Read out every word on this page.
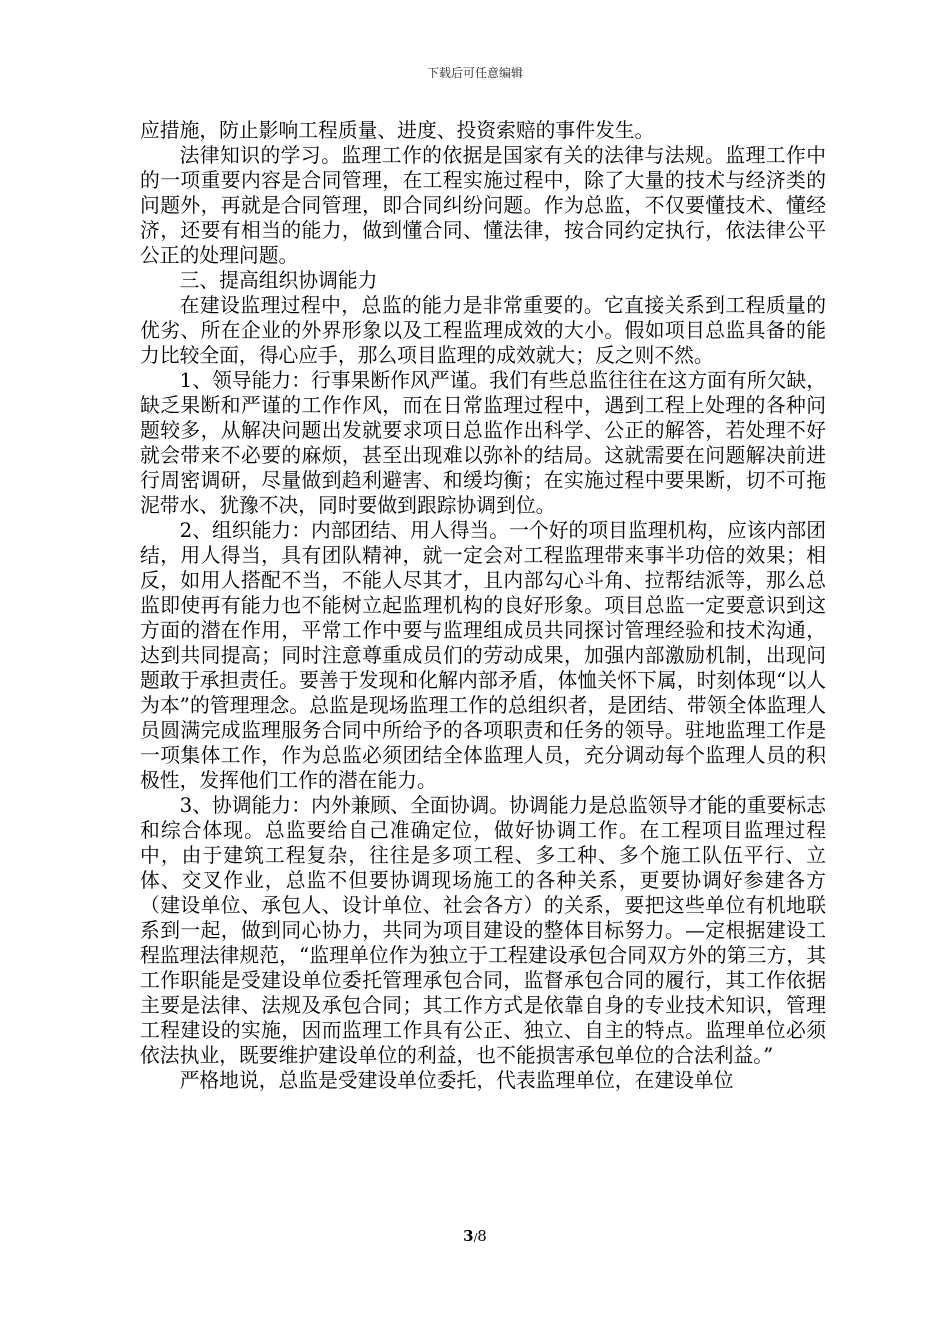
下载后可任意编辑

应措施，防止影响工程质量、进度、投资索赔的事件发生。

法律知识的学习。监理工作的依据是国家有关的法律与法规。监理工作中的一项重要内容是合同管理，在工程实施过程中，除了大量的技术与经济类的问题外，再就是合同管理，即合同纠纷问题。作为总监，不仅要懂技术、懂经济，还要有相当的能力，做到懂合同、懂法律，按合同约定执行，依法律公平公正的处理问题。

三、提高组织协调能力

在建设监理过程中，总监的能力是非常重要的。它直接关系到工程质量的优劣、所在企业的外界形象以及工程监理成效的大小。假如项目总监具备的能力比较全面，得心应手，那么项目监理的成效就大；反之则不然。

1、领导能力：行事果断作风严谨。我们有些总监往往在这方面有所欠缺，缺乏果断和严谨的工作作风，而在日常监理过程中，遇到工程上处理的各种问题较多，从解决问题出发就要求项日总监作出科学、公正的解答，若处理不好就会带来不必要的麻烦，甚至出现难以弥补的结局。这就需要在问题解决前进行周密调研，尽量做到趋利避害、和缓均衡；在实施过程中要果断，切不可拖泥带水、犹豫不决，同时要做到跟踪协调到位。

2、组织能力：内部团结、用人得当。一个好的项目监理机构，应该内部团结，用人得当，具有团队精神，就一定会对工程监理带来事半功倍的效果；相反，如用人搭配不当，不能人尽其才，且内部勾心斗角、拉帮结派等，那么总监即使再有能力也不能树立起监理机构的良好形象。项目总监一定要意识到这方面的潜在作用，平常工作中要与监理组成员共同探讨管理经验和技术沟通，达到共同提高；同时注意尊重成员们的劳动成果，加强内部激励机制，出现问题敢于承担责任。要善于发现和化解内部矛盾，体恤关怀下属，时刻体现“以人为本”的管理理念。总监是现场监理工作的总组织者，是团结、带领全体监理人员圆满完成监理服务合同中所给予的各项职责和任务的领导。驻地监理工作是一项集体工作，作为总监必须团结全体监理人员，充分调动每个监理人员的积极性，发挥他们工作的潜在能力。

3、协调能力：内外兼顾、全面协调。协调能力是总监领导才能的重要标志和综合体现。总监要给自己准确定位，做好协调工作。在工程项目监理过程中，由于建筑工程复杂，往往是多项工程、多工种、多个施工队伍平行、立体、交叉作业，总监不但要协调现场施工的各种关系，更要协调好参建各方（建设单位、承包人、设计单位、社会各方）的关系，要把这些单位有机地联系到一起，做到同心协力，共同为项目建设的整体目标努力。—定根据建设工程监理法律规范，“监理单位作为独立于工程建设承包合同双方外的第三方，其工作职能是受建设单位委托管理承包合同，监督承包合同的履行，其工作依据主要是法律、法规及承包合同；其工作方式是依靠自身的专业技术知识，管理工程建设的实施，因而监理工作具有公正、独立、自主的特点。监理单位必须依法执业，既要维护建设单位的利益，也不能损害承包单位的合法利益。”

严格地说，总监是受建设单位委托，代表监理单位，在建设单位

3/8
